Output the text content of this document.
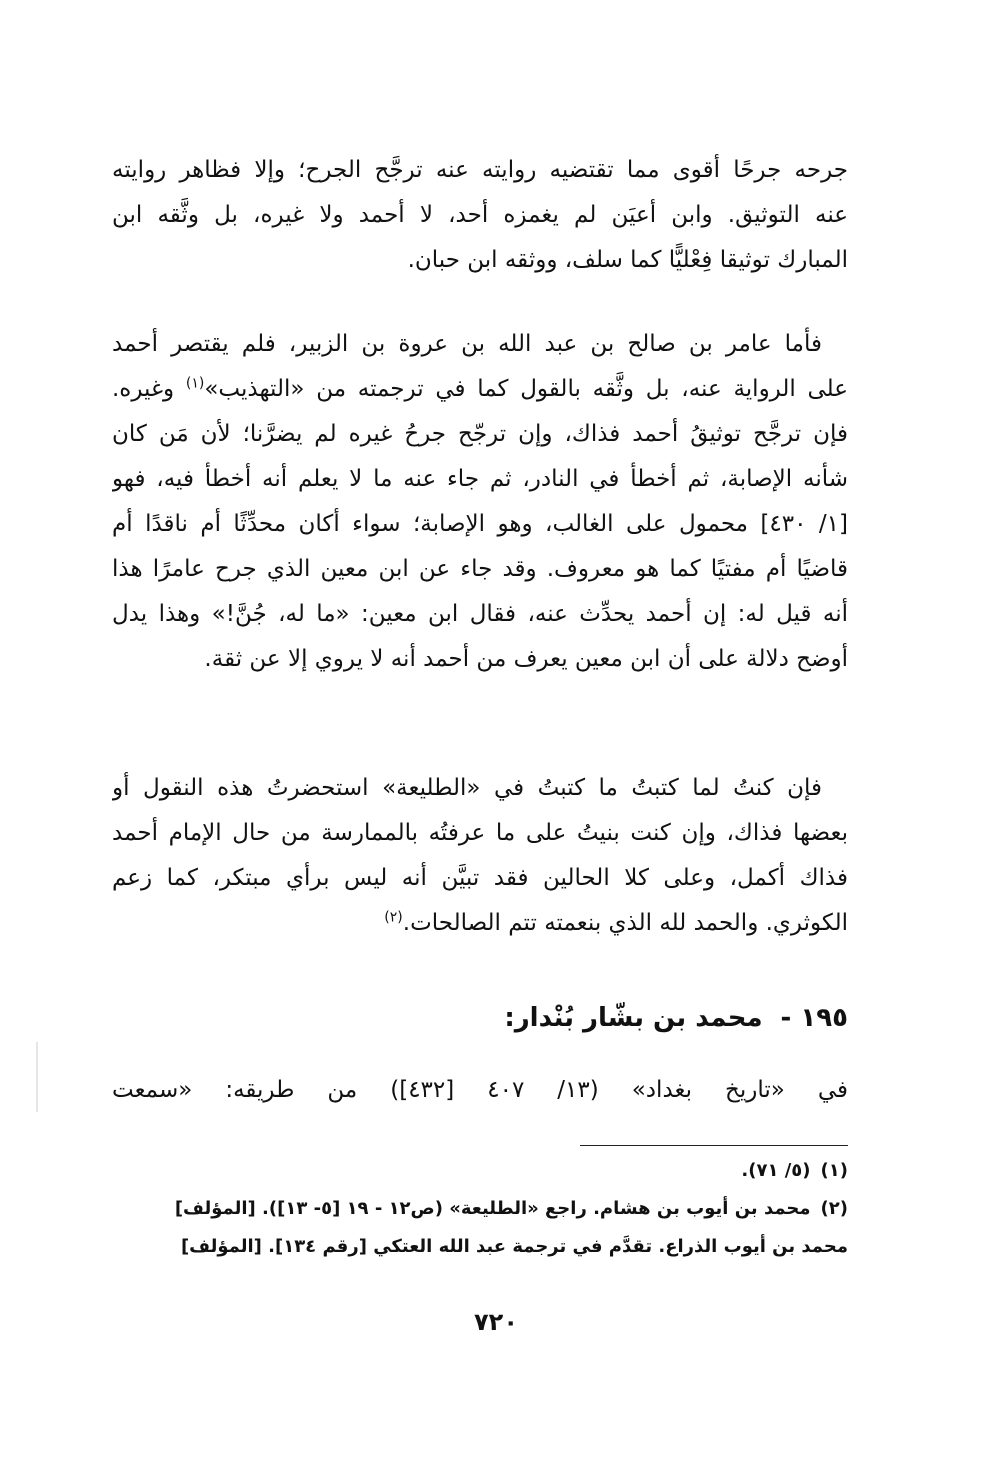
جرحه جرحًا أقوى مما تقتضيه روايته عنه ترجَّح الجرح؛ وإلا فظاهر روايته
عنه التوثيق. وابن أعيَن لم يغمزه أحد، لا أحمد ولا غيره، بل وثَّقه ابن
المبارك توثيقا فِعْليًّا كما سلف، ووثقه ابن حبان.
فأما عامر بن صالح بن عبد الله بن عروة بن الزبير، فلم يقتصر أحمد
على الرواية عنه، بل وثَّقه بالقول كما في ترجمته من «التهذيب»$^{(١)}$ وغيره.
فإن ترجَّح توثيقُ أحمد فذاك، وإن ترجّح جرحُ غيره لم يضرَّنا؛ لأن مَن كان
شأنه الإصابة، ثم أخطأ في النادر، ثم جاء عنه ما لا يعلم أنه أخطأ فيه، فهو
[١/ ٤٣٠] محمول على الغالب، وهو الإصابة؛ سواء أكان محدِّثًا أم ناقدًا أم
قاضيًا أم مفتيًا كما هو معروف. وقد جاء عن ابن معين الذي جرح عامرًا هذا
أنه قيل له: إن أحمد يحدِّث عنه، فقال ابن معين: «ما له، جُنَّ!» وهذا يدل
أوضح دلالة على أن ابن معين يعرف من أحمد أنه لا يروي إلا عن ثقة.
فإن كنتُ لما كتبتُ ما كتبتُ في «الطليعة» استحضرتُ هذه النقول أو
بعضها فذاك، وإن كنت بنيتُ على ما عرفتُه بالممارسة من حال الإمام أحمد
فذاك أكمل، وعلى كلا الحالين فقد تبيَّن أنه ليس برأي مبتكر، كما زعم
الكوثري. والحمد لله الذي بنعمته تتم الصالحات.$^{(٢)}$
١٩٥ -محمد بن بشّار بُنْدار:
في «تاريخ بغداد» (١٣/ ٤٠٧ [٤٣٢]) من طريقه: «سمعت
(١)(٥/ ٧١).
(٢)محمد بن أيوب بن هشام. راجع «الطليعة» (ص١٢ - ١٩ [٥- ١٣]). [المؤلف]
محمد بن أيوب الذراع. تقدَّم في ترجمة عبد الله العتكي [رقم ١٣٤]. [المؤلف]
٧٢٠
